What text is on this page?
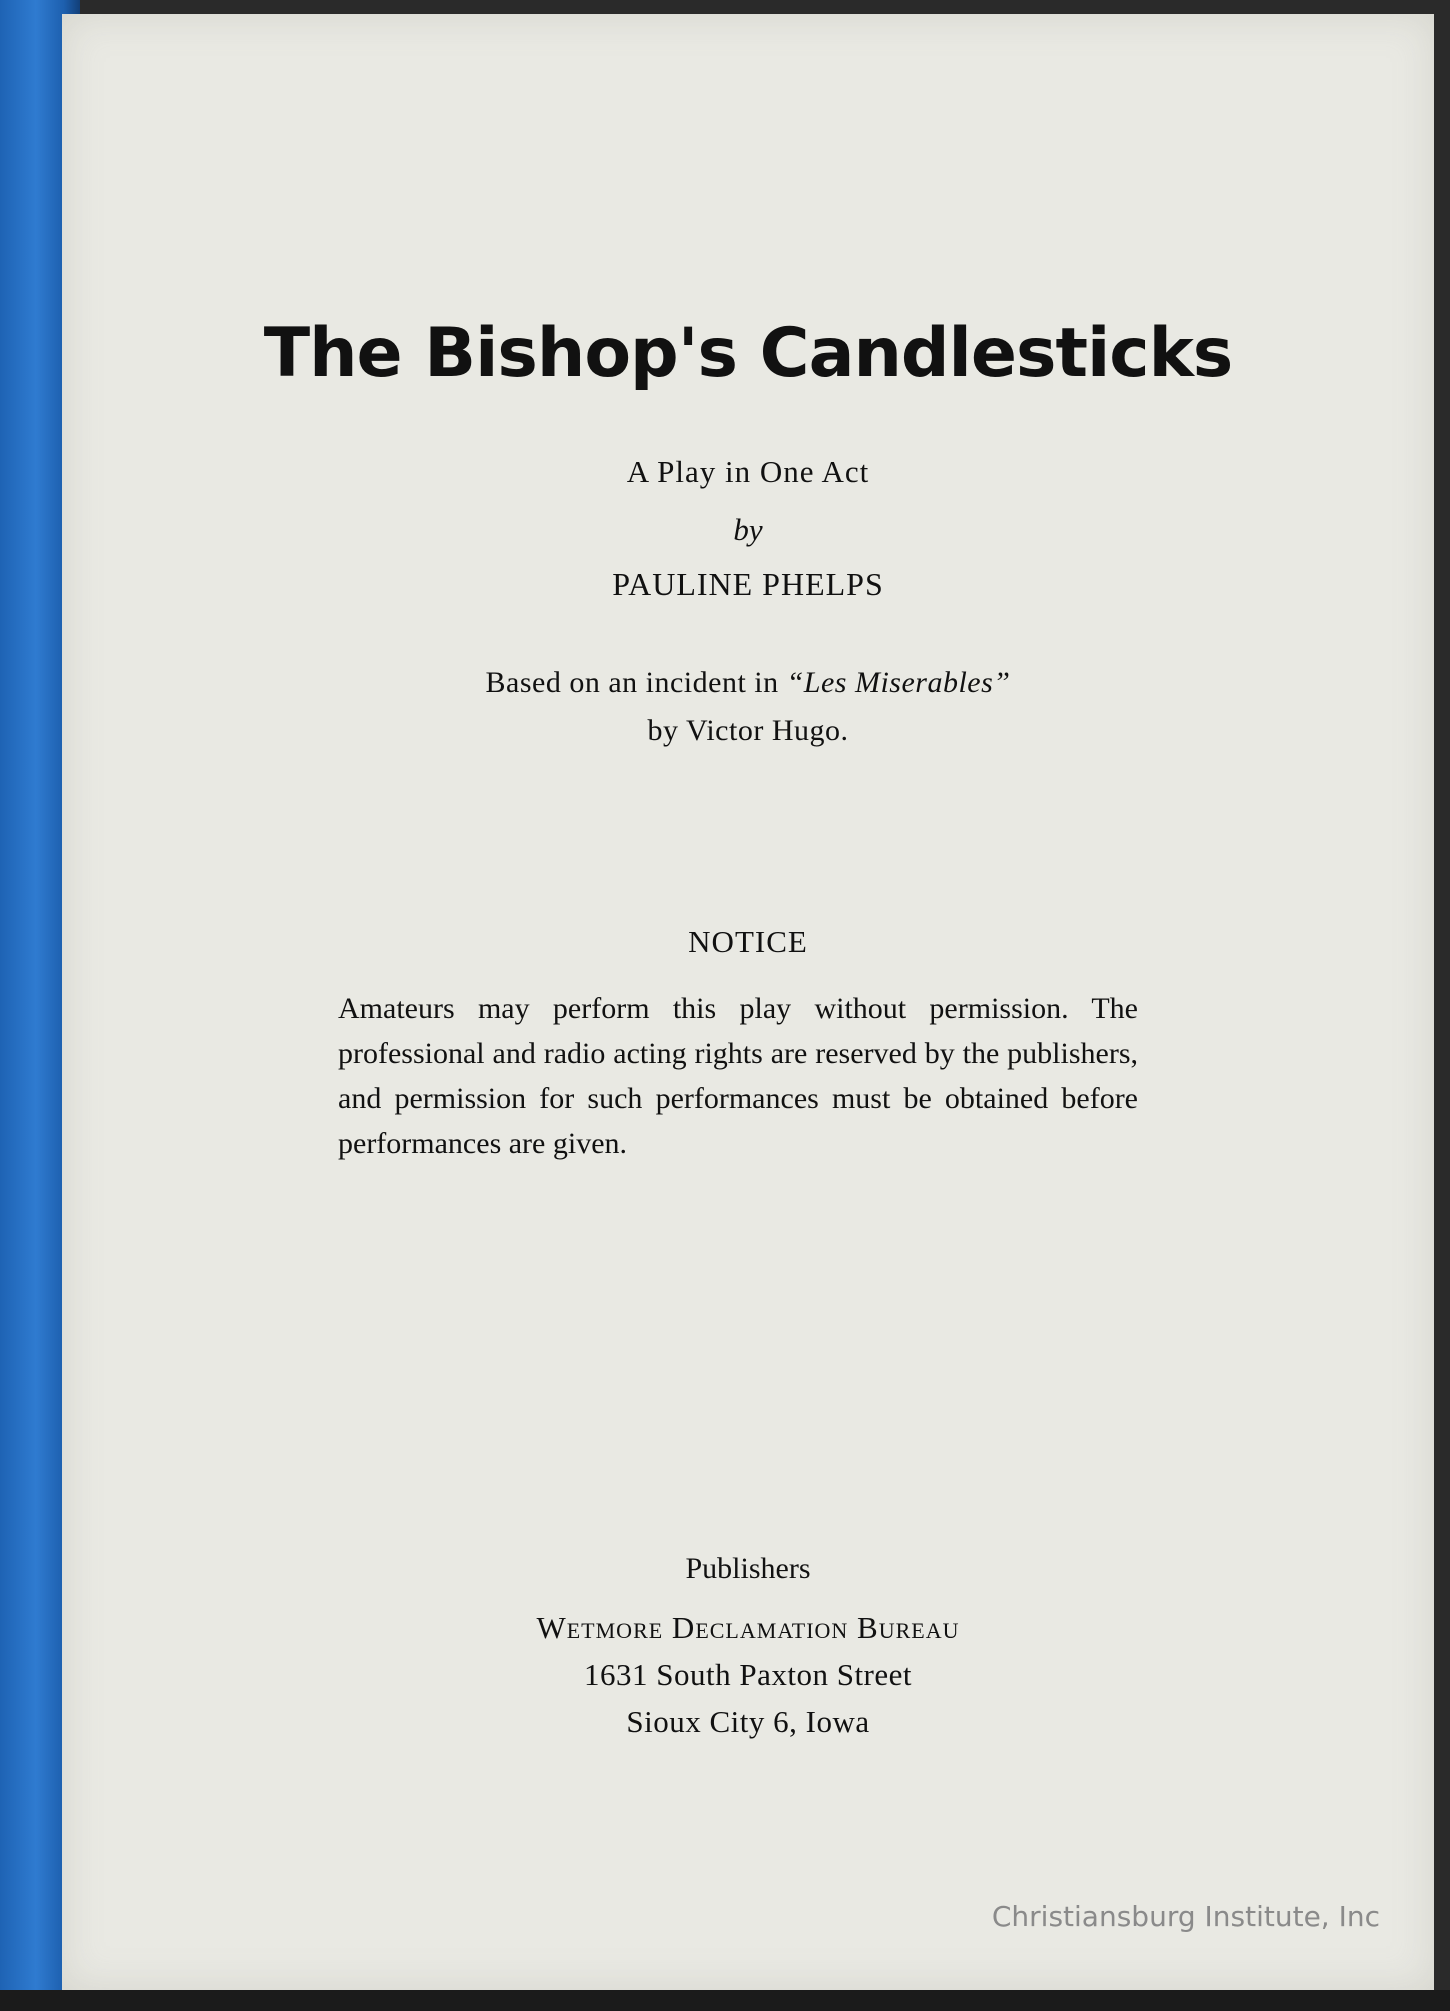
The Bishop's Candlesticks
A Play in One Act
by
PAULINE PHELPS
Based on an incident in “Les Miserables”
by Victor Hugo.
NOTICE
Amateurs may perform this play without permission. The professional and radio acting rights are reserved by the publishers, and permission for such performances must be obtained before performances are given.
Publishers
Wetmore Declamation Bureau
1631 South Paxton Street
Sioux City 6, Iowa
Christiansburg Institute, Inc
